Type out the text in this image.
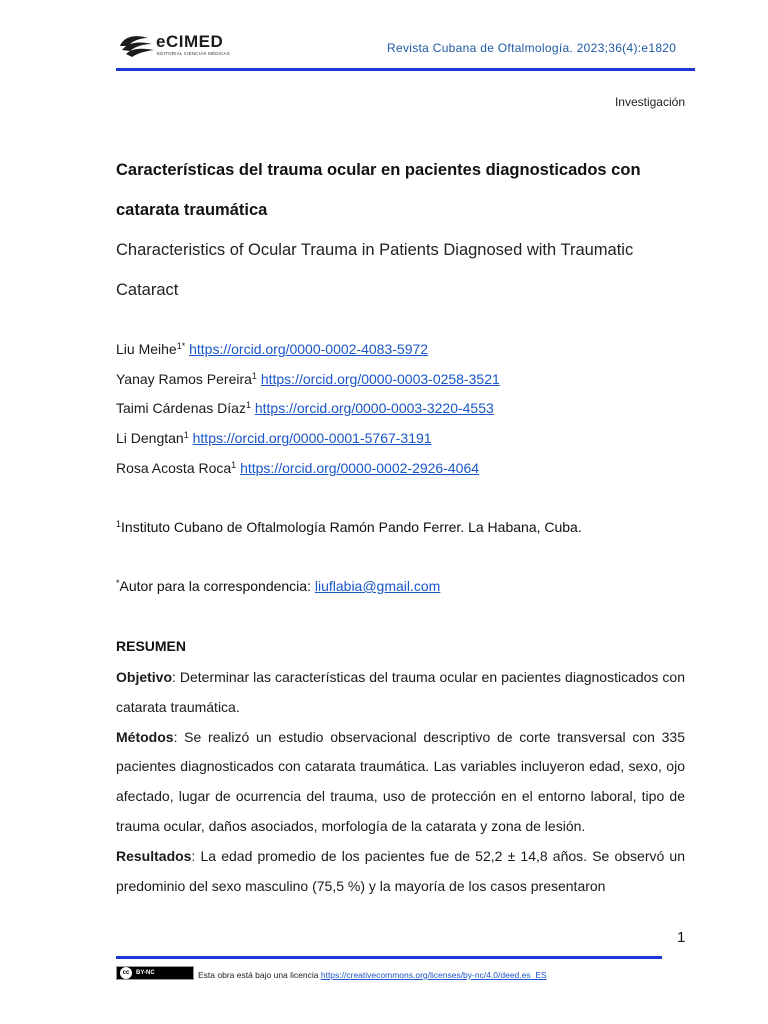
eCIMED
EDITORIAL CIENCIAS MÉDICAS	Revista Cubana de Oftalmología. 2023;36(4):e1820
Investigación
Características del trauma ocular en pacientes diagnosticados con catarata traumática
Characteristics of Ocular Trauma in Patients Diagnosed with Traumatic Cataract
Liu Meihe$^{1*}$ https://orcid.org/0000-0002-4083-5972
Yanay Ramos Pereira$^1$ https://orcid.org/0000-0003-0258-3521
Taimi Cárdenas Díaz$^1$ https://orcid.org/0000-0003-3220-4553
Li Dengtan$^1$ https://orcid.org/0000-0001-5767-3191
Rosa Acosta Roca$^1$ https://orcid.org/0000-0002-2926-4064
$^1$Instituto Cubano de Oftalmología Ramón Pando Ferrer. La Habana, Cuba.
*Autor para la correspondencia: liuflabia@gmail.com
RESUMEN

Objetivo: Determinar las características del trauma ocular en pacientes diagnosticados con catarata traumática.

Métodos: Se realizó un estudio observacional descriptivo de corte transversal con 335 pacientes diagnosticados con catarata traumática. Las variables incluyeron edad, sexo, ojo afectado, lugar de ocurrencia del trauma, uso de protección en el entorno laboral, tipo de trauma ocular, daños asociados, morfología de la catarata y zona de lesión.

Resultados: La edad promedio de los pacientes fue de 52,2 ± 14,8 años. Se observó un predominio del sexo masculino (75,5 %) y la mayoría de los casos presentaron

1
cc	BY-NC	Esta obra está bajo una licencia https://creativecommons.org/licenses/by-nc/4.0/deed.es_ES
